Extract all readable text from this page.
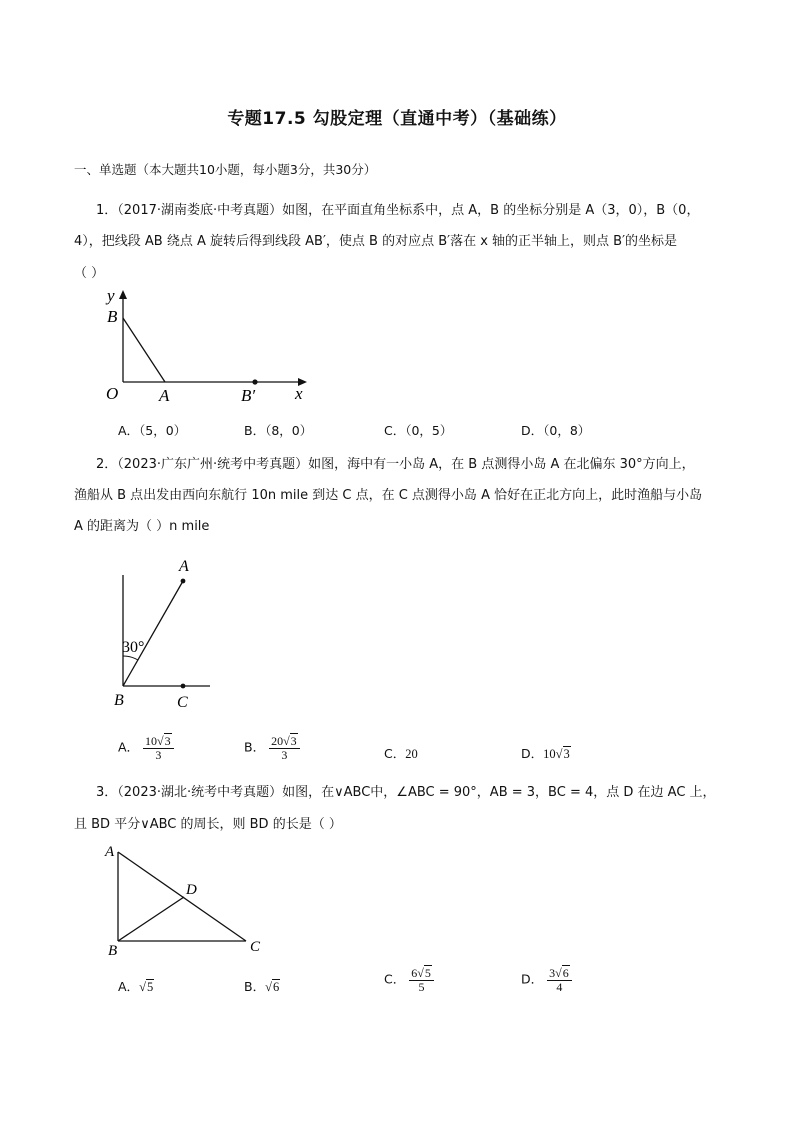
专题17.5 勾股定理（直通中考）（基础练）
一、单选题（本大题共10小题，每小题3分，共30分）
1．（2017·湖南娄底·中考真题）如图，在平面直角坐标系中，点 A，B 的坐标分别是 A（3，0），B（0，
4），把线段 AB 绕点 A 旋转后得到线段 AB′，使点 B 的对应点 B′落在 x 轴的正半轴上，则点 B′的坐标是
（ ）
y
B
O A	B′ x
A．（5，0）	B．（8，0）	C．（0，5）	D．（0，8）
2．（2023·广东广州·统考中考真题）如图，海中有一小岛 A，在 B 点测得小岛 A 在北偏东 30°方向上，
渔船从 B 点出发由西向东航行 10n mile 到达 C 点，在 C 点测得小岛 A 恰好在正北方向上，此时渔船与小岛
A 的距离为（ ）n mile
A
B	C
30°
A． $\frac{10√3}{3}$	B． $\frac{20√3}{3}$	C．20	D．10√3
3．（2023·湖北·统考中考真题）如图，在∨ABC中，∠ABC = 90°，AB = 3，BC = 4，点 D 在边 AC 上，
且 BD 平分∨ABC 的周长，则 BD 的长是（ ）
A
B	C
D
A．√5	B．√6
C． $\frac{6√5}{5}$	D． $\frac{3√6}{4}$
